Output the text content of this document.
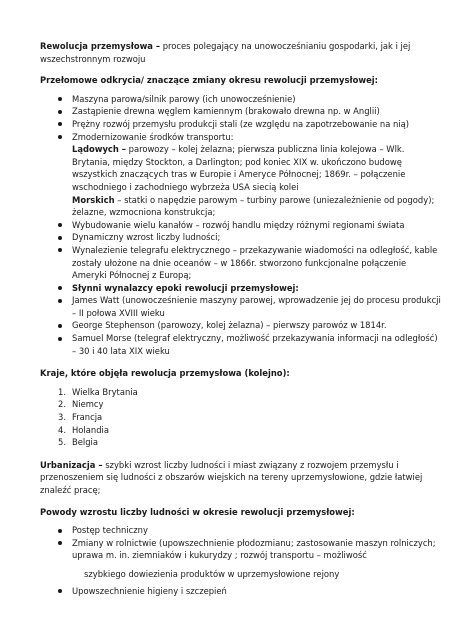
Rewolucja przemysłowa – proces polegający na unowocześnianiu gospodarki, jak i jej wszechstronnym rozwoju

Przełomowe odkrycia/ znaczące zmiany okresu rewolucji przemysłowej:

Maszyna parowa/silnik parowy (ich unowocześnienie)
Zastąpienie drewna węglem kamiennym (brakowało drewna np. w Anglii)
Prężny rozwój przemysłu produkcji stali (ze względu na zapotrzebowanie na nią)
Zmodernizowanie środków transportu:
Lądowych – parowozy – kolej żelazna; pierwsza publiczna linia kolejowa – Wlk. Brytania, między Stockton, a Darlington; pod koniec XIX w. ukończono budowę wszystkich znaczących tras w Europie i Ameryce Północnej; 1869r. – połączenie wschodniego i zachodniego wybrzeża USA siecią kolei
Morskich – statki o napędzie parowym – turbiny parowe (uniezależnienie od pogody); żelazne, wzmocniona konstrukcja;
Wybudowanie wielu kanałów – rozwój handlu między różnymi regionami świata
Dynamiczny wzrost liczby ludności;
Wynalezienie telegrafu elektrycznego – przekazywanie wiadomości na odległość, kable zostały ułożone na dnie oceanów – w 1866r. stworzono funkcjonalne połączenie Ameryki Północnej z Europą;
Słynni wynalazcy epoki rewolucji przemysłowej:
James Watt (unowocześnienie maszyny parowej, wprowadzenie jej do procesu produkcji – II połowa XVIII wieku
George Stephenson (parowozy, kolej żelazna) – pierwszy parowóz w 1814r.
Samuel Morse (telegraf elektryczny, możliwość przekazywania informacji na odległość) – 30 i 40 lata XIX wieku

Kraje, które objęła rewolucja przemysłowa (kolejno):

1. Wielka Brytania
2. Niemcy
3. Francja
4. Holandia
5. Belgia

Urbanizacja – szybki wzrost liczby ludności i miast związany z rozwojem przemysłu i przenoszeniem się ludności z obszarów wiejskich na tereny uprzemysłowione, gdzie łatwiej znaleźć pracę;

Powody wzrostu liczby ludności w okresie rewolucji przemysłowej:

Postęp techniczny
Zmiany w rolnictwie (upowszechnienie płodozmianu; zastosowanie maszyn rolniczych; uprawa m. in. ziemniaków i kukurydzy ; rozwój transportu – możliwość

szybkiego dowiezienia produktów w uprzemysłowione rejony

Upowszechnienie higieny i szczepień
